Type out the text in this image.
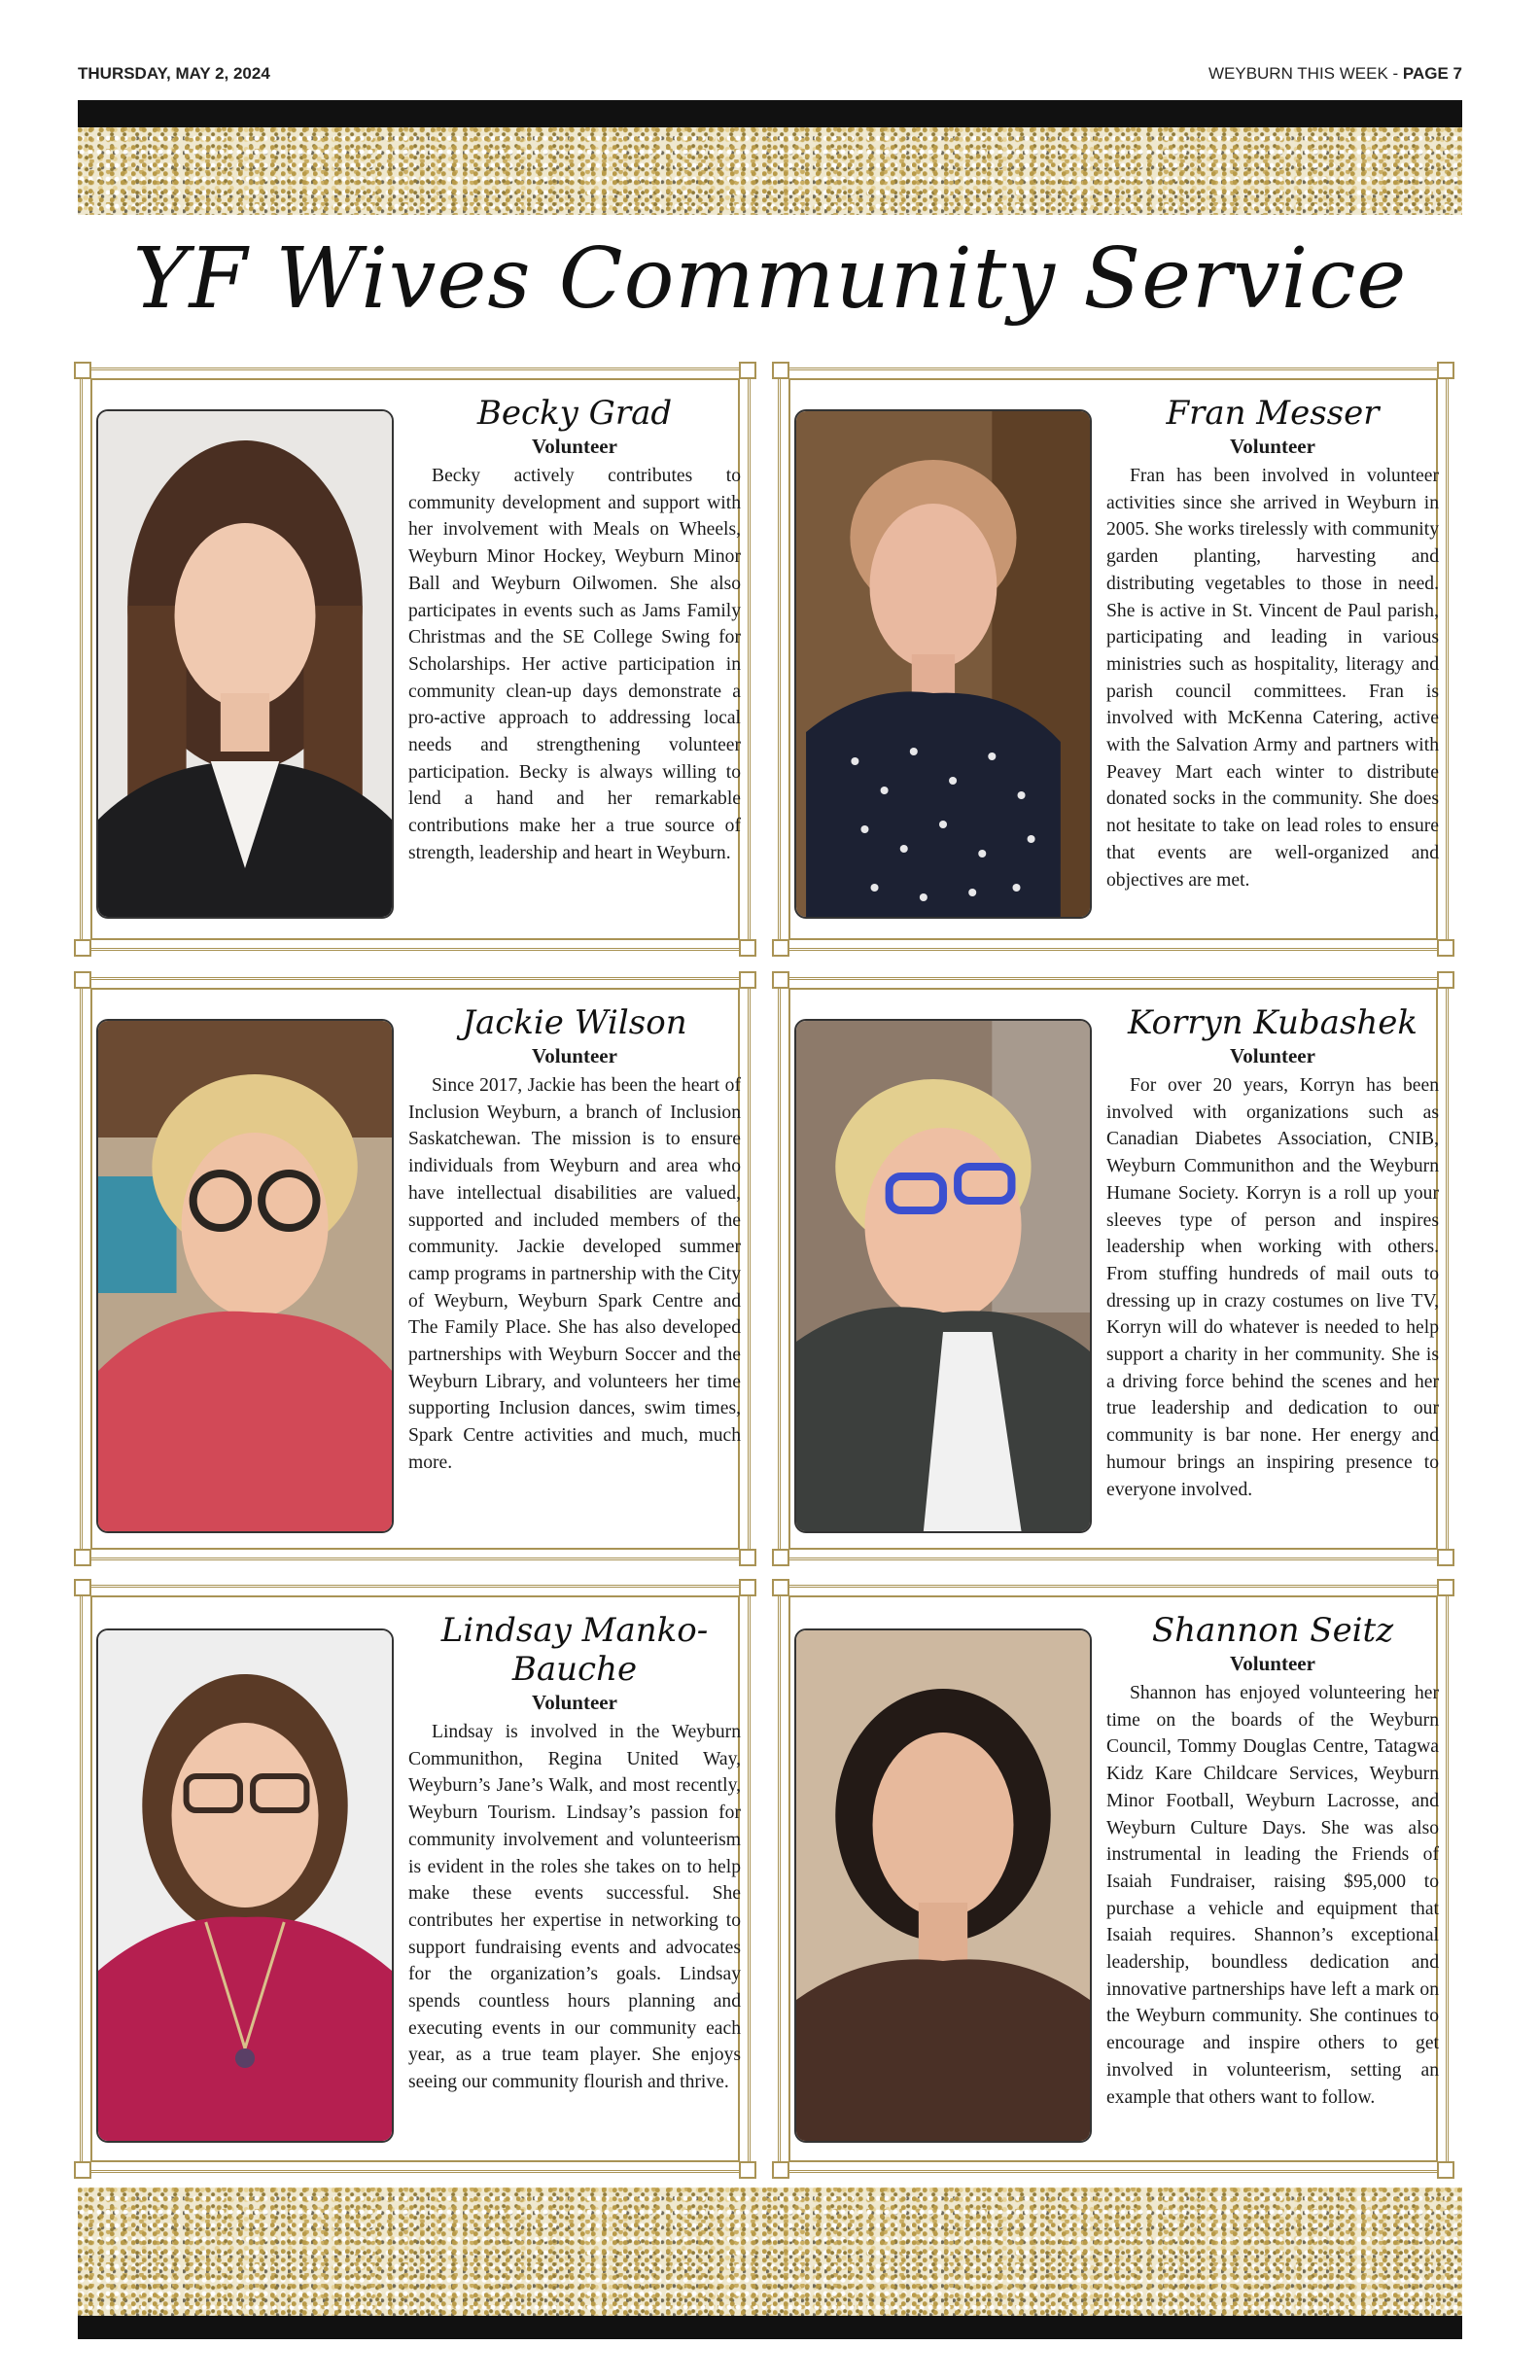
THURSDAY, MAY 2, 2024	WEYBURN THIS WEEK - PAGE 7
YF Wives Community Service
Becky Grad
Volunteer

Becky actively contributes to community development and support with her involvement with Meals on Wheels, Weyburn Minor Hockey, Weyburn Minor Ball and Weyburn Oilwomen. She also participates in events such as Jams Family Christmas and the SE College Swing for Scholarships. Her active participation in community clean-up days demonstrate a pro-active approach to addressing local needs and strengthening volunteer participation. Becky is always willing to lend a hand and her remarkable contributions make her a true source of strength, leadership and heart in Weyburn.

Fran Messer
Volunteer

Fran has been involved in volunteer activities since she arrived in Weyburn in 2005. She works tirelessly with community garden planting, harvesting and distributing vegetables to those in need. She is active in St. Vincent de Paul parish, participating and leading in various ministries such as hospitality, literagy and parish council committees. Fran is involved with McKenna Catering, active with the Salvation Army and partners with Peavey Mart each winter to distribute donated socks in the community. She does not hesitate to take on lead roles to ensure that events are well-organized and objectives are met.

Jackie Wilson
Volunteer

Since 2017, Jackie has been the heart of Inclusion Weyburn, a branch of Inclusion Saskatchewan. The mission is to ensure individuals from Weyburn and area who have intellectual disabilities are valued, supported and included members of the community. Jackie developed summer camp programs in partnership with the City of Weyburn, Weyburn Spark Centre and The Family Place. She has also developed partnerships with Weyburn Soccer and the Weyburn Library, and volunteers her time supporting Inclusion dances, swim times, Spark Centre activities and much, much more.

Korryn Kubashek
Volunteer

For over 20 years, Korryn has been involved with organizations such as Canadian Diabetes Association, CNIB, Weyburn Communithon and the Weyburn Humane Society. Korryn is a roll up your sleeves type of person and inspires leadership when working with others. From stuffing hundreds of mail outs to dressing up in crazy costumes on live TV, Korryn will do whatever is needed to help support a charity in her community. She is a driving force behind the scenes and her true leadership and dedication to our community is bar none. Her energy and humour brings an inspiring presence to everyone involved.

Lindsay Manko-Bauche
Volunteer

Lindsay is involved in the Weyburn Communithon, Regina United Way, Weyburn’s Jane’s Walk, and most recently, Weyburn Tourism. Lindsay’s passion for community involvement and volunteerism is evident in the roles she takes on to help make these events successful. She contributes her expertise in networking to support fundraising events and advocates for the organization’s goals. Lindsay spends countless hours planning and executing events in our community each year, as a true team player. She enjoys seeing our community flourish and thrive.

Shannon Seitz
Volunteer

Shannon has enjoyed volunteering her time on the boards of the Weyburn Council, Tommy Douglas Centre, Tatagwa Kidz Kare Childcare Services, Weyburn Minor Football, Weyburn Lacrosse, and Weyburn Culture Days. She was also instrumental in leading the Friends of Isaiah Fundraiser, raising $95,000 to purchase a vehicle and equipment that Isaiah requires. Shannon’s exceptional leadership, boundless dedication and innovative partnerships have left a mark on the Weyburn community. She continues to encourage and inspire others to get involved in volunteerism, setting an example that others want to follow.
